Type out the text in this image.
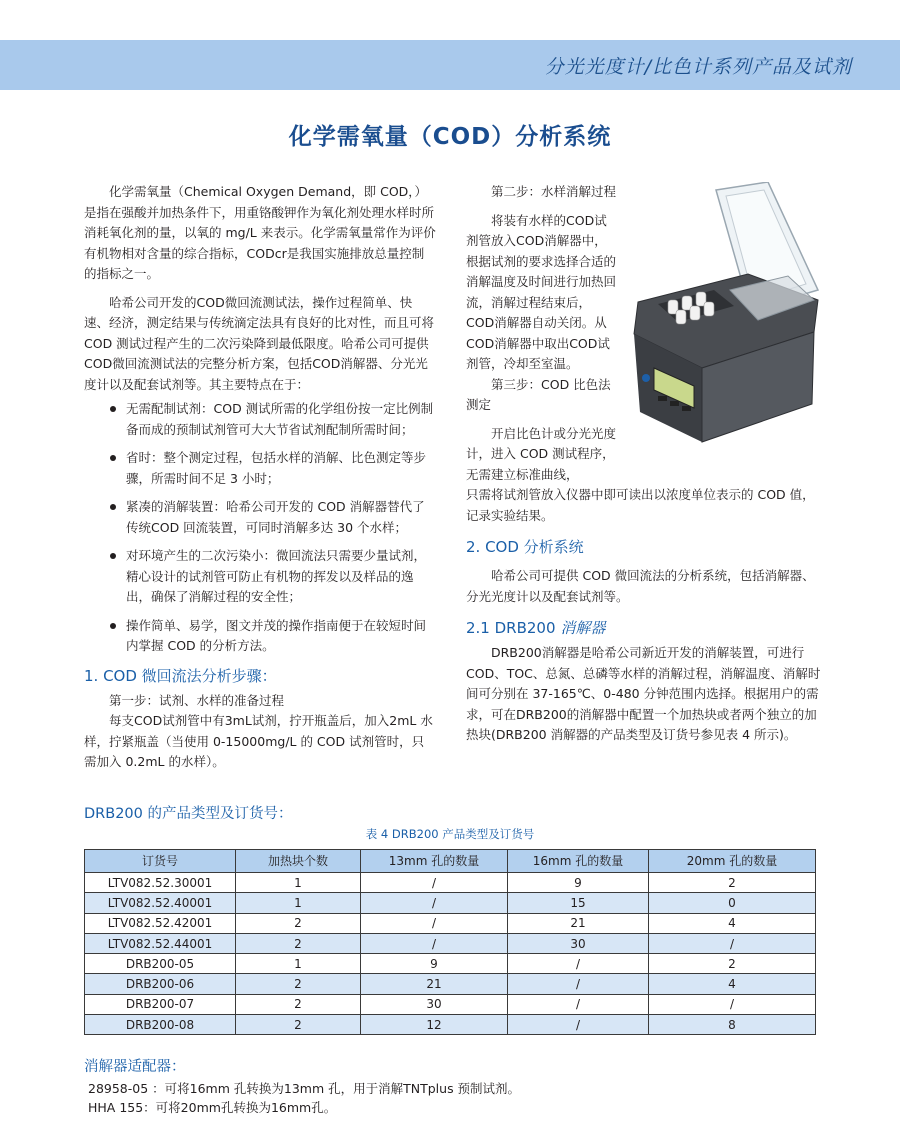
分光光度计/比色计系列产品及试剂
化学需氧量（COD）分析系统

化学需氧量（Chemical Oxygen Demand，即 COD，）是指在强酸并加热条件下，用重铬酸钾作为氧化剂处理水样时所消耗氧化剂的量，以氧的 mg/L 来表示。化学需氧量常作为评价有机物相对含量的综合指标，CODcr是我国实施排放总量控制的指标之一。

哈希公司开发的COD微回流测试法，操作过程简单、快速、经济，测定结果与传统滴定法具有良好的比对性，而且可将 COD 测试过程产生的二次污染降到最低限度。哈希公司可提供COD微回流测试法的完整分析方案，包括COD消解器、分光光度计以及配套试剂等。其主要特点在于：

无需配制试剂：COD 测试所需的化学组份按一定比例制备而成的预制试剂管可大大节省试剂配制所需时间；
省时：整个测定过程，包括水样的消解、比色测定等步骤，所需时间不足 3 小时；
紧凑的消解装置：哈希公司开发的 COD 消解器替代了传统COD 回流装置，可同时消解多达 30 个水样；
对环境产生的二次污染小：微回流法只需要少量试剂，精心设计的试剂管可防止有机物的挥发以及样品的逸出，确保了消解过程的安全性；
操作简单、易学，图文并茂的操作指南便于在较短时间内掌握 COD 的分析方法。
1. COD 微回流法分析步骤：

第一步：试剂、水样的准备过程

每支COD试剂管中有3mL试剂，拧开瓶盖后，加入2mL 水样，拧紧瓶盖（当使用 0-15000mg/L 的 COD 试剂管时，只需加入 0.2mL 的水样）。

第二步：水样消解过程

将装有水样的COD试剂管放入COD消解器中，根据试剂的要求选择合适的消解温度及时间进行加热回流，消解过程结束后，COD消解器自动关闭。从COD消解器中取出COD试剂管，冷却至室温。

第三步：COD 比色法测定

开启比色计或分光光度计，进入 COD 测试程序，无需建立标准曲线，

只需将试剂管放入仪器中即可读出以浓度单位表示的 COD 值，记录实验结果。

2. COD 分析系统

哈希公司可提供 COD 微回流法的分析系统，包括消解器、分光光度计以及配套试剂等。

2.1 DRB200 消解器

DRB200消解器是哈希公司新近开发的消解装置，可进行COD、TOC、总氮、总磷等水样的消解过程，消解温度、消解时间可分别在 37-165℃、0-480 分钟范围内选择。根据用户的需求，可在DRB200的消解器中配置一个加热块或者两个独立的加热块(DRB200 消解器的产品类型及订货号参见表 4 所示)。

DRB200 的产品类型及订货号：
表 4 DRB200 产品类型及订货号
订货号	加热块个数	13mm 孔的数量	16mm 孔的数量	20mm 孔的数量
LTV082.52.30001	1	/	9	2
LTV082.52.40001	1	/	15	0
LTV082.52.42001	2	/	21	4
LTV082.52.44001	2	/	30	/
DRB200-05	1	9	/	2
DRB200-06	2	21	/	4
DRB200-07	2	30	/	/
DRB200-08	2	12	/	8
消解器适配器：
28958-05 ：可将16mm 孔转换为13mm 孔，用于消解TNTplus 预制试剂。
HHA 155：可将20mm孔转换为16mm孔。
